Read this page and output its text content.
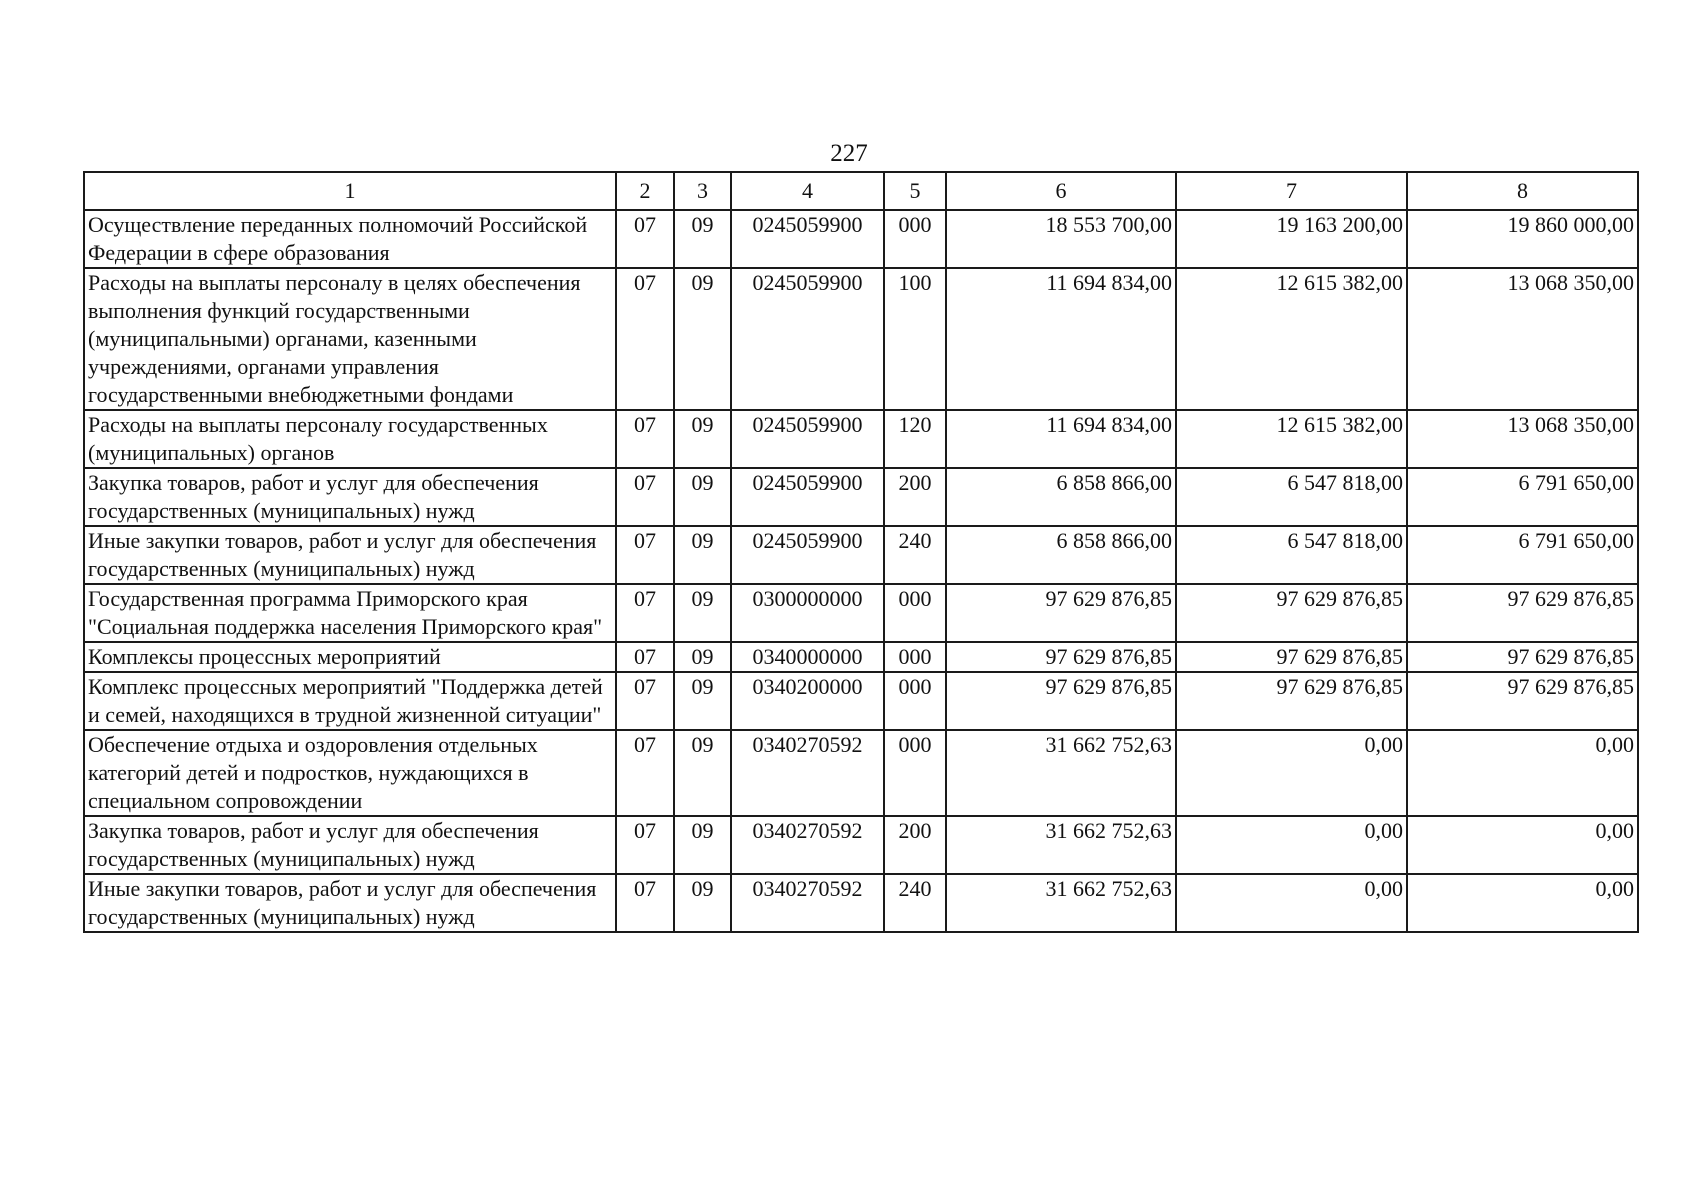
227
1	2	3	4	5	6	7	8
Осуществление переданных полномочий Российской Федерации в сфере образования	07	09	0245059900	000	18 553 700,00	19 163 200,00	19 860 000,00
Расходы на выплаты персоналу в целях обеспечения выполнения функций государственными (муниципальными) органами, казенными учреждениями, органами управления государственными внебюджетными фондами	07	09	0245059900	100	11 694 834,00	12 615 382,00	13 068 350,00
Расходы на выплаты персоналу государственных (муниципальных) органов	07	09	0245059900	120	11 694 834,00	12 615 382,00	13 068 350,00
Закупка товаров, работ и услуг для обеспечения государственных (муниципальных) нужд	07	09	0245059900	200	6 858 866,00	6 547 818,00	6 791 650,00
Иные закупки товаров, работ и услуг для обеспечения государственных (муниципальных) нужд	07	09	0245059900	240	6 858 866,00	6 547 818,00	6 791 650,00
Государственная программа Приморского края "Социальная поддержка населения Приморского края"	07	09	0300000000	000	97 629 876,85	97 629 876,85	97 629 876,85
Комплексы процессных мероприятий	07	09	0340000000	000	97 629 876,85	97 629 876,85	97 629 876,85
Комплекс процессных мероприятий "Поддержка детей и семей, находящихся в трудной жизненной ситуации"	07	09	0340200000	000	97 629 876,85	97 629 876,85	97 629 876,85
Обеспечение отдыха и оздоровления отдельных категорий детей и подростков, нуждающихся в специальном сопровождении	07	09	0340270592	000	31 662 752,63	0,00	0,00
Закупка товаров, работ и услуг для обеспечения государственных (муниципальных) нужд	07	09	0340270592	200	31 662 752,63	0,00	0,00
Иные закупки товаров, работ и услуг для обеспечения государственных (муниципальных) нужд	07	09	0340270592	240	31 662 752,63	0,00	0,00
